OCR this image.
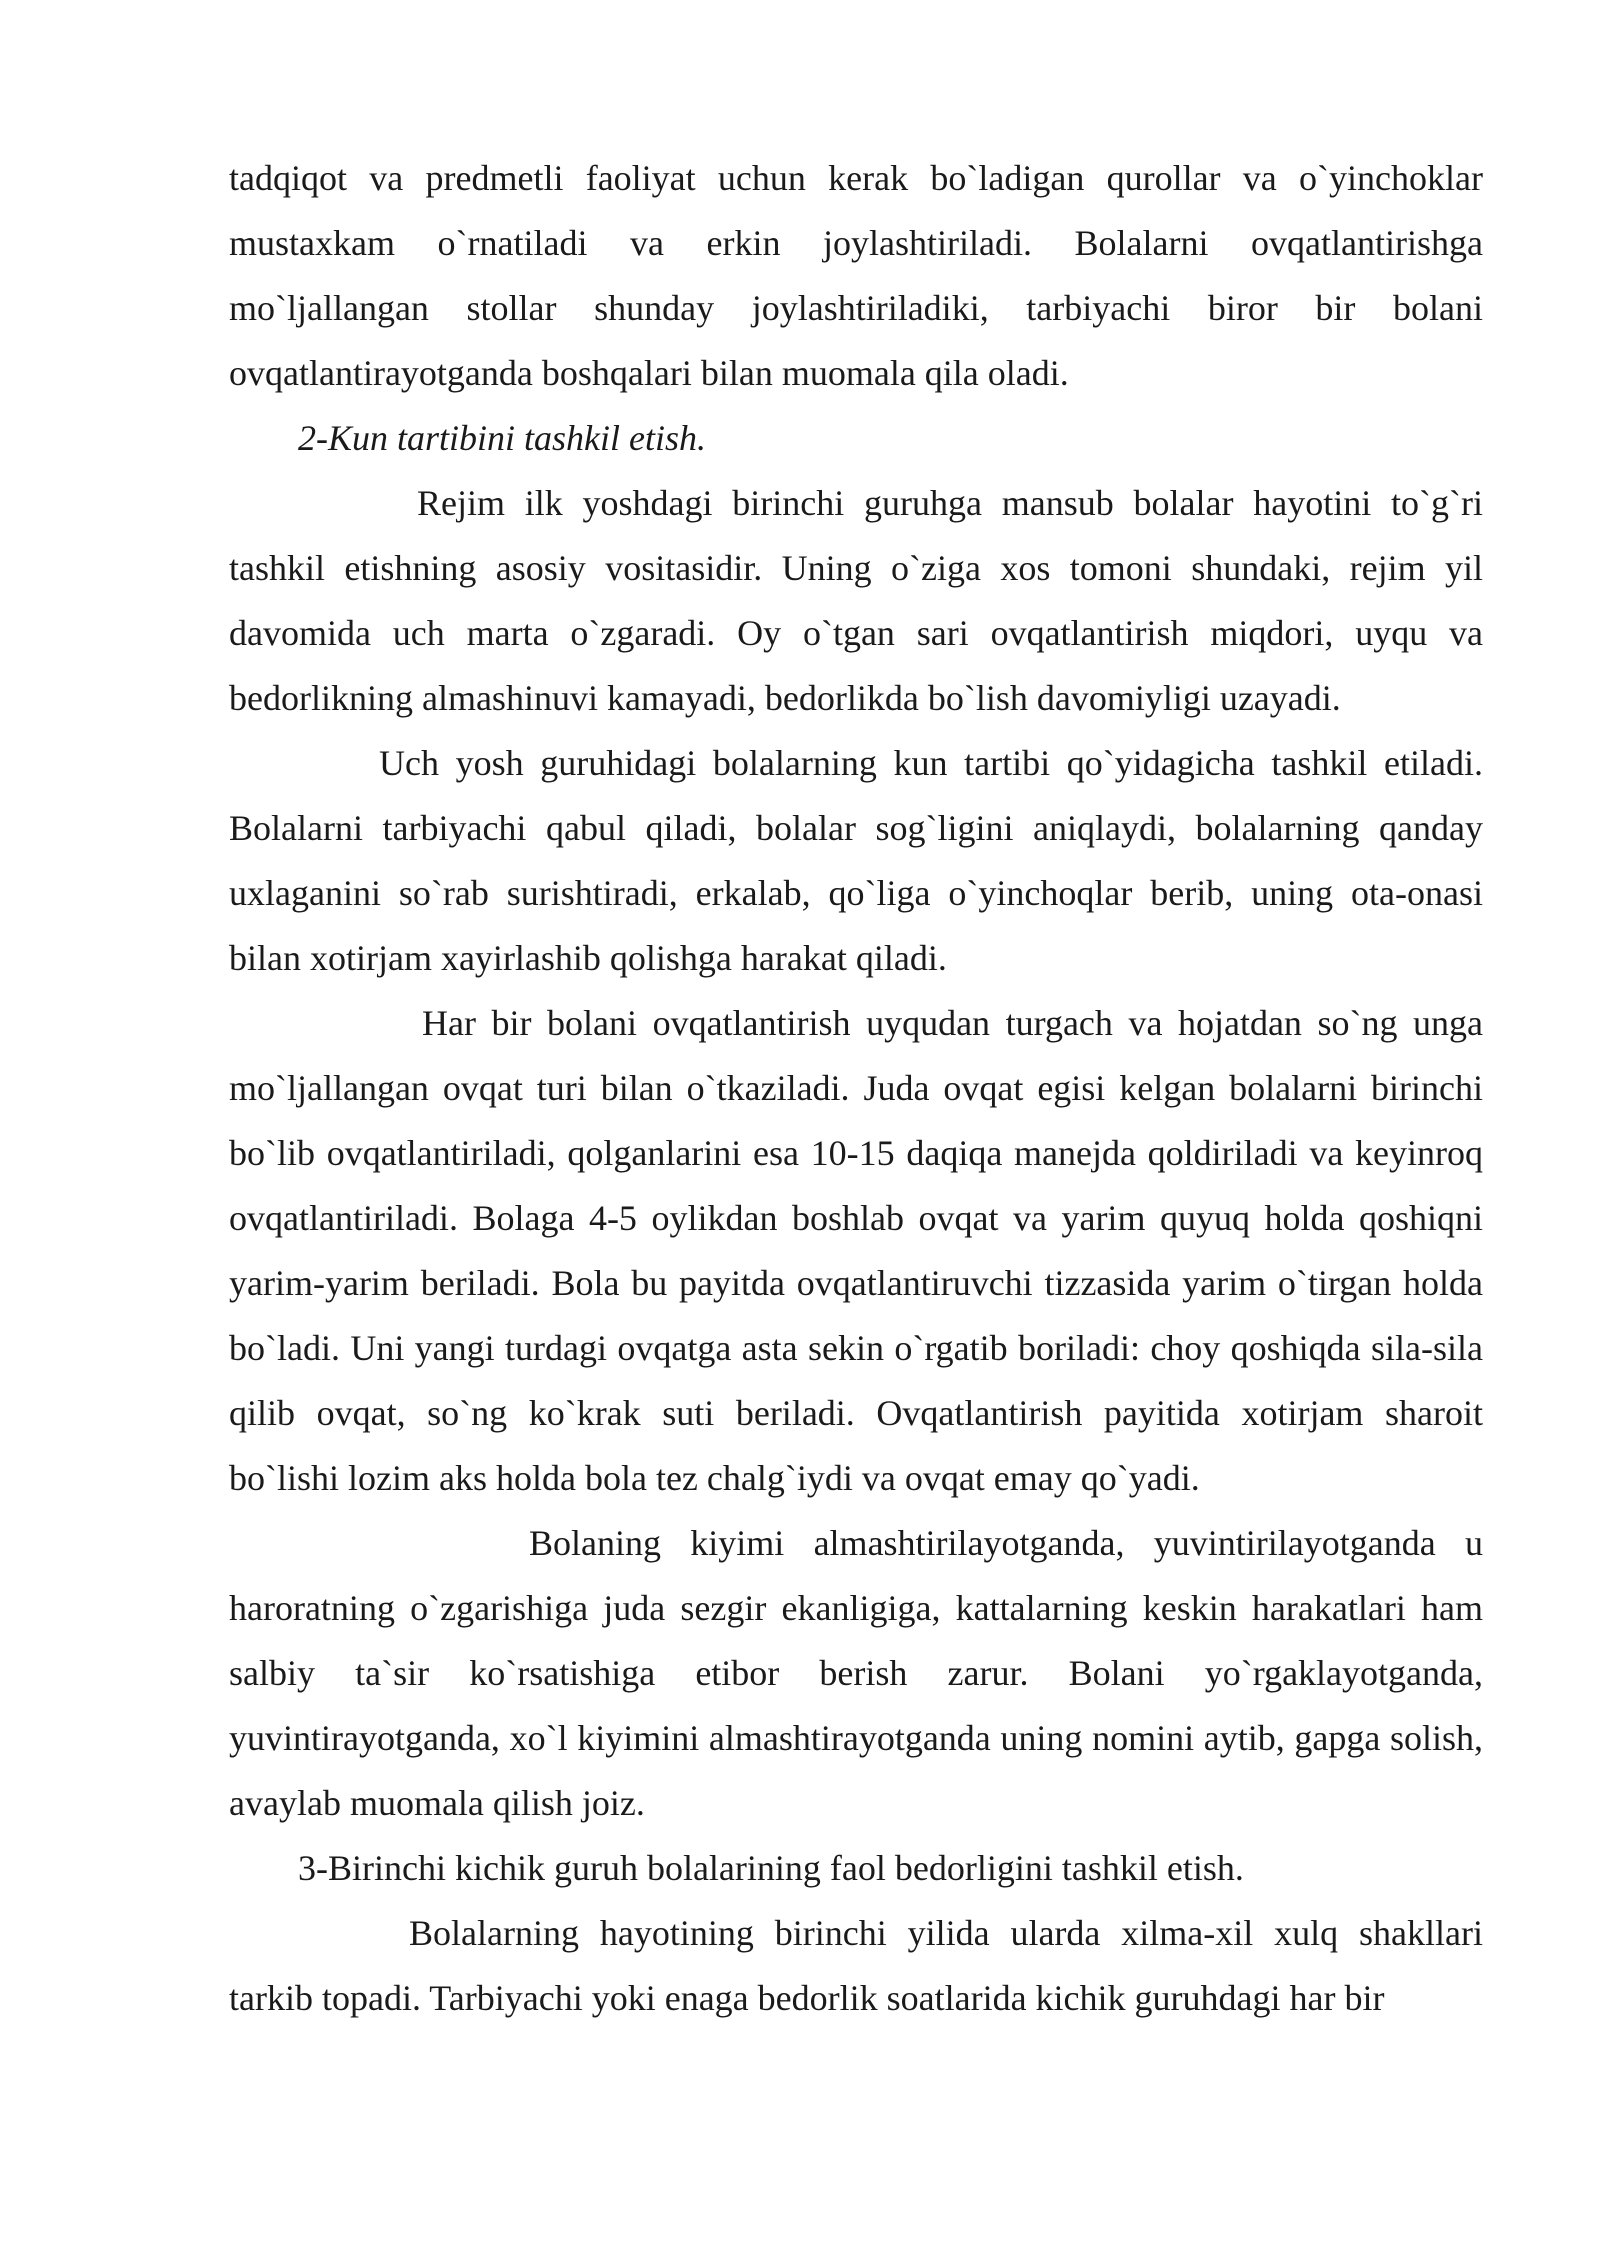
tadqiqot va predmetli faoliyat uchun kerak bo`ladigan qurollar va o`yinchoklar mustaxkam o`rnatiladi va erkin joylashtiriladi. Bolalarni ovqatlantirishga mo`ljallangan stollar shunday joylashtiriladiki, tarbiyachi biror bir bolani ovqatlantirayotganda boshqalari bilan muomala qila oladi.

2-Kun tartibini tashkil etish.

Rejim ilk yoshdagi birinchi guruhga mansub bolalar hayotini to`g`ri tashkil etishning asosiy vositasidir. Uning o`ziga xos tomoni shundaki, rejim yil davomida uch marta o`zgaradi. Oy o`tgan sari ovqatlantirish miqdori, uyqu va bedorlikning almashinuvi kamayadi, bedorlikda bo`lish davomiyligi uzayadi.

Uch yosh guruhidagi bolalarning kun tartibi qo`yidagicha tashkil etiladi. Bolalarni tarbiyachi qabul qiladi, bolalar sog`ligini aniqlaydi, bolalarning qanday uxlaganini so`rab surishtiradi, erkalab, qo`liga o`yinchoqlar berib, uning ota-onasi bilan xotirjam xayirlashib qolishga harakat qiladi.

Har bir bolani ovqatlantirish uyqudan turgach va hojatdan so`ng unga mo`ljallangan ovqat turi bilan o`tkaziladi. Juda ovqat egisi kelgan bolalarni birinchi bo`lib ovqatlantiriladi, qolganlarini esa 10-15 daqiqa manejda qoldiriladi va keyinroq ovqatlantiriladi. Bolaga 4-5 oylikdan boshlab ovqat va yarim quyuq holda qoshiqni yarim-yarim beriladi. Bola bu payitda ovqatlantiruvchi tizzasida yarim o`tirgan holda bo`ladi. Uni yangi turdagi ovqatga asta sekin o`rgatib boriladi: choy qoshiqda sila-sila qilib ovqat, so`ng ko`krak suti beriladi. Ovqatlantirish payitida xotirjam sharoit bo`lishi lozim aks holda bola tez chalg`iydi va ovqat emay qo`yadi.

Bolaning kiyimi almashtirilayotganda, yuvintirilayotganda u haroratning o`zgarishiga juda sezgir ekanligiga, kattalarning keskin harakatlari ham salbiy ta`sir ko`rsatishiga etibor berish zarur. Bolani yo`rgaklayotganda, yuvintirayotganda, xo`l kiyimini almashtirayotganda uning nomini aytib, gapga solish, avaylab muomala qilish joiz.

3-Birinchi kichik guruh bolalarining faol bedorligini tashkil etish.

Bolalarning hayotining birinchi yilida ularda xilma-xil xulq shakllari tarkib topadi. Tarbiyachi yoki enaga bedorlik soatlarida kichik guruhdagi har bir
